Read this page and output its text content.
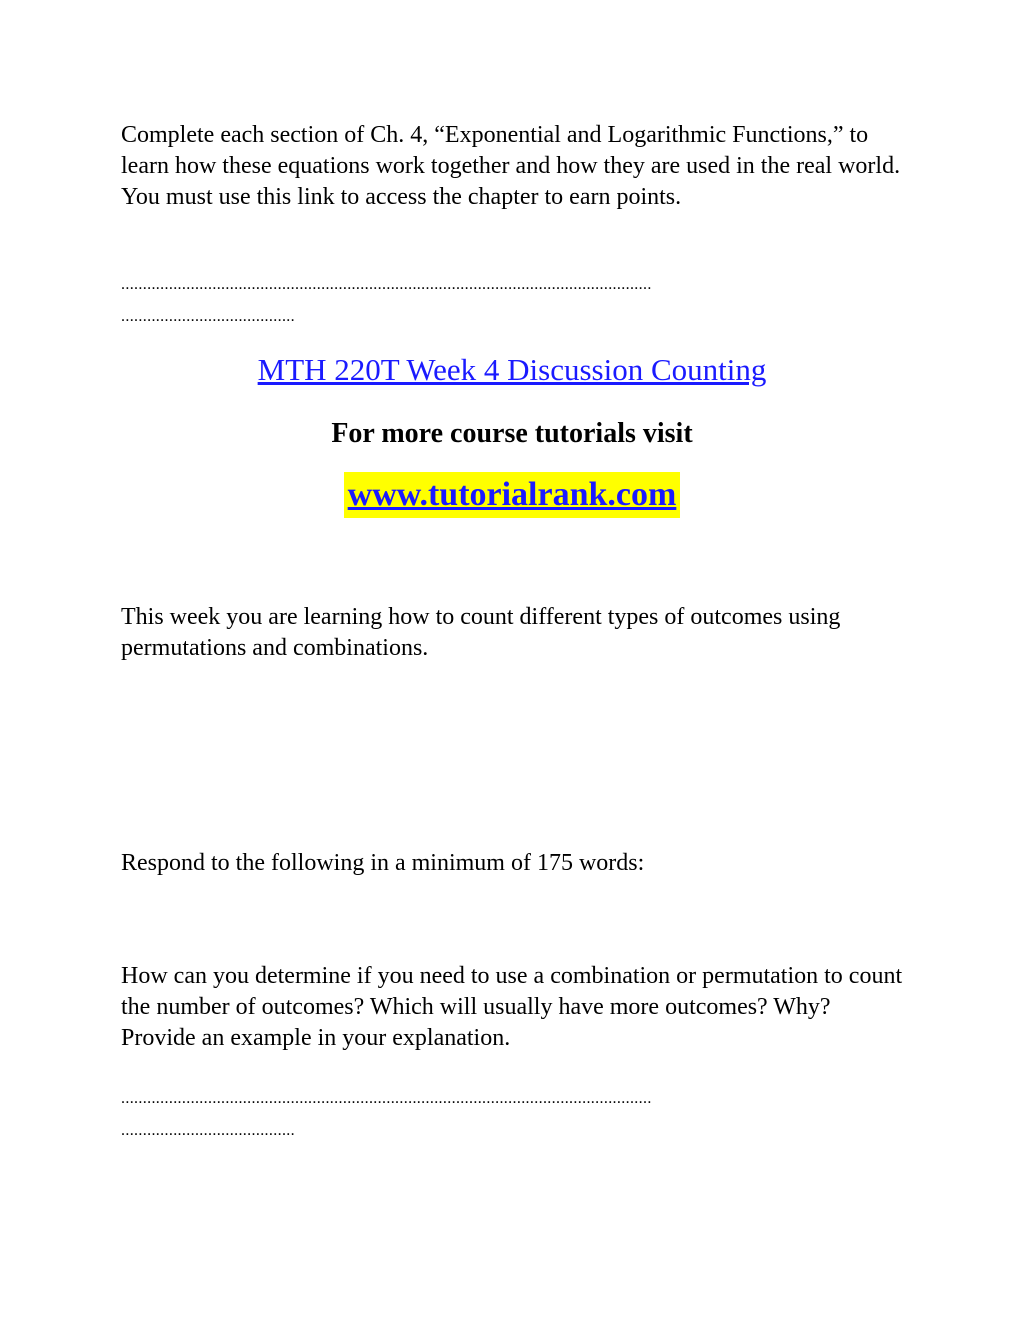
Complete each section of Ch. 4, “Exponential and Logarithmic Functions,” to learn how these equations work together and how they are used in the real world. You must use this link to access the chapter to earn points.

..........................................................................................................................
........................................
MTH 220T Week 4 Discussion Counting
For more course tutorials visit
www.tutorialrank.com

This week you are learning how to count different types of outcomes using permutations and combinations.

Respond to the following in a minimum of 175 words:

How can you determine if you need to use a combination or permutation to count the number of outcomes? Which will usually have more outcomes? Why? Provide an example in your explanation.

..........................................................................................................................
........................................
